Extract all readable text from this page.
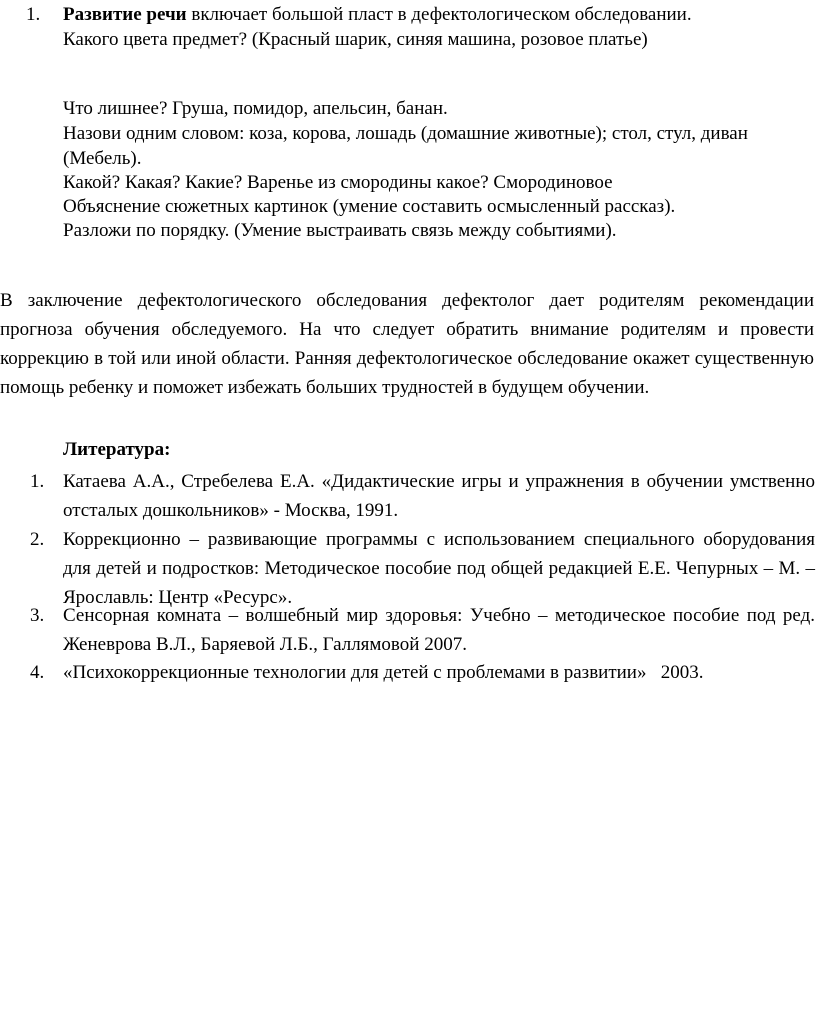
1. Развитие речи включает большой пласт в дефектологическом обследовании.
Какого цвета предмет? (Красный шарик, синяя машина, розовое платье)
Что лишнее? Груша, помидор, апельсин, банан.
Назови одним словом: коза, корова, лошадь (домашние животные); стол, стул, диван
(Мебель).
Какой? Какая? Какие? Варенье из смородины какое? Смородиновое
Объяснение сюжетных картинок (умение составить осмысленный рассказ).
Разложи по порядку. (Умение выстраивать связь между событиями).
В заключение дефектологического обследования дефектолог дает родителям рекомендации прогноза обучения обследуемого. На что следует обратить внимание родителям и провести коррекцию в той или иной области. Ранняя дефектологическое обследование окажет существенную помощь ребенку и поможет избежать больших трудностей в будущем обучении.
Литература:
1. Катаева А.А., Стребелева Е.А. «Дидактические игры и упражнения в обучении умственно отсталых дошкольников» - Москва, 1991.
2. Коррекционно – развивающие программы с использованием специального оборудования для детей и подростков: Методическое пособие под общей редакцией Е.Е. Чепурных – М. – Ярославль: Центр «Ресурс».
3. Сенсорная комната – волшебный мир здоровья: Учебно – методическое пособие под ред. Женеврова В.Л., Баряевой Л.Б., Галлямовой 2007.
4. «Психокоррекционные технологии для детей с проблемами в развитии»   2003.
